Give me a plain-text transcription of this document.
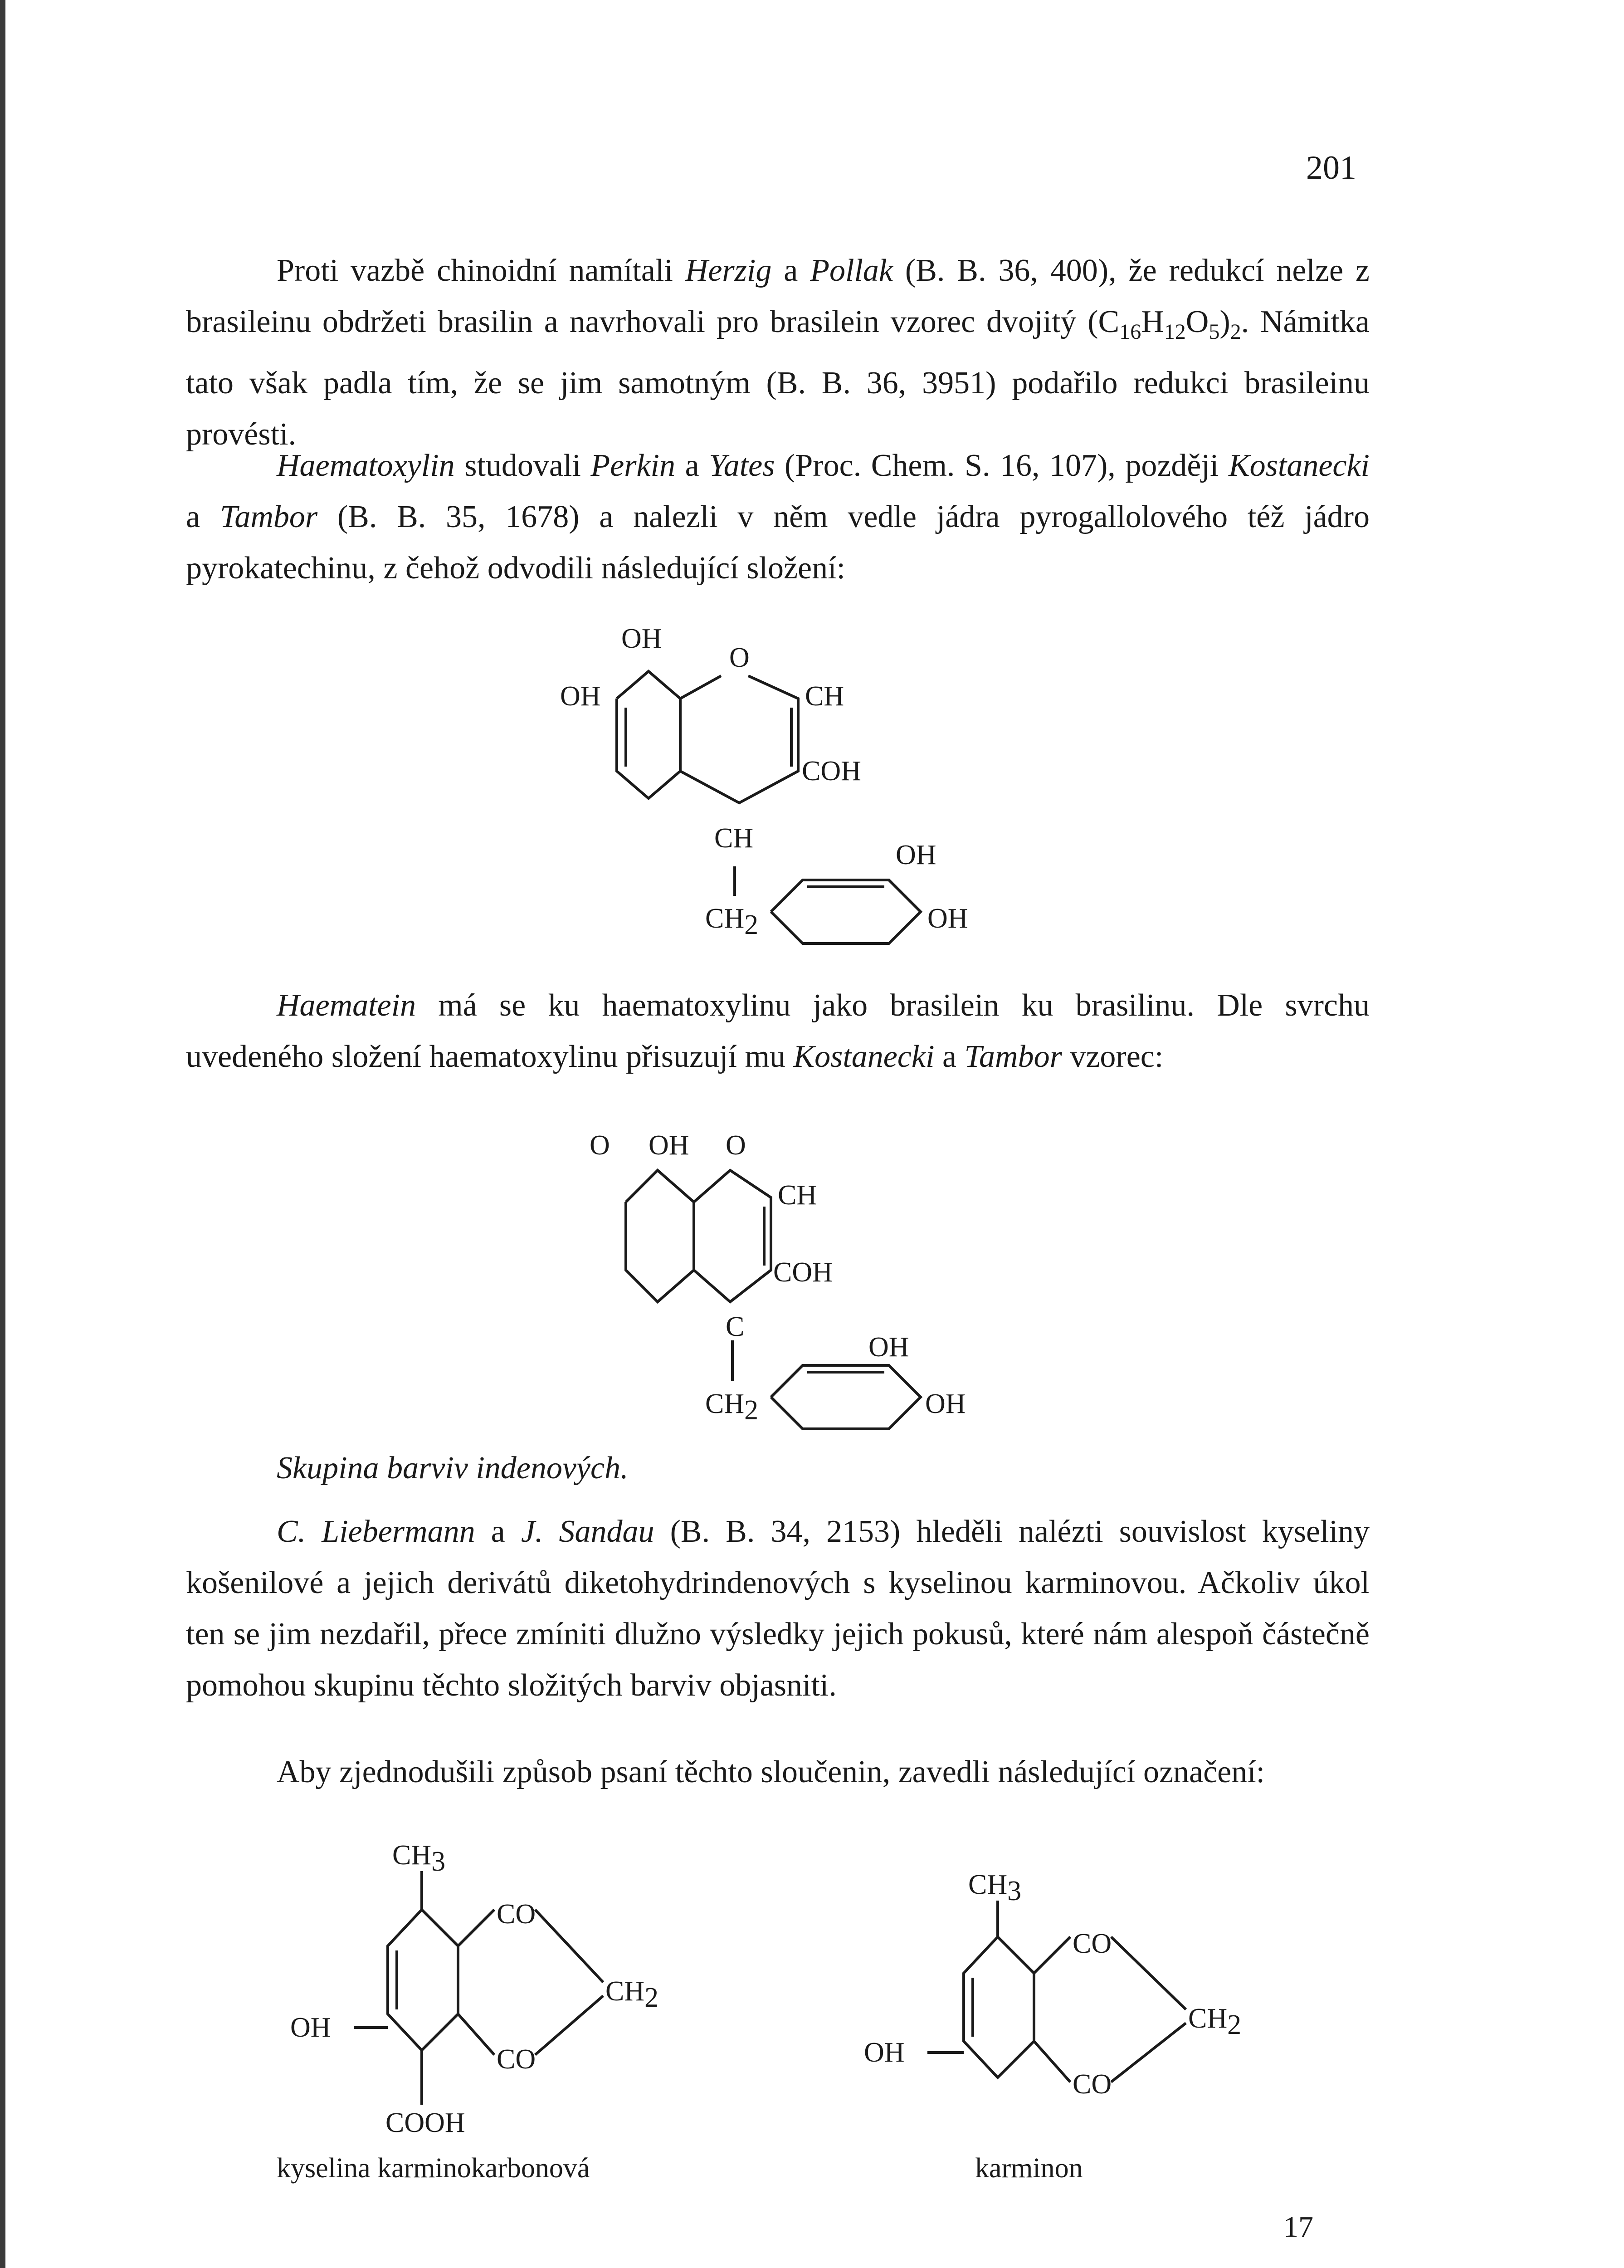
201

Proti vazbě chinoidní namítali Herzig a Pollak (B. B. 36, 400), že redukcí nelze z brasileinu obdržeti brasilin a navrhovali pro brasilein vzorec dvojitý $(C_{16}H_{12}O_5)_2$. Námitka tato však padla tím, že se jim samotným (B. B. 36, 3951) podařilo redukci brasileinu provésti.

Haematoxylin studovali Perkin a Yates (Proc. Chem. S. 16, 107), později Kostanecki a Tambor (B. B. 35, 1678) a nalezli v něm vedle jádra pyrogallolového též jádro pyrokatechinu, z čehož odvodili následující složení:

Haematein má se ku haematoxylinu jako brasilein ku brasilinu. Dle svrchu uvedeného složení haematoxylinu přisuzují mu Kostanecki a Tambor vzorec:

Skupina barviv indenových.

C. Liebermann a J. Sandau (B. B. 34, 2153) hleděli nalézti souvislost kyseliny košenilové a jejich derivátů diketohydrindenových s kyselinou karminovou. Ačkoliv úkol ten se jim nezdařil, přece zmíniti dlužno výsledky jejich pokusů, které nám alespoň částečně pomohou skupinu těchto složitých barviv objasniti.

Aby zjednodušili způsob psaní těchto sloučenin, zavedli následující označení:

OH
OH
O
CH
COH
CH
CH2
OH
OH
O OH O
CH
COH
C
CH2
OH
OH
CH3
CO
CH2
OH
CO
COOH
kyselina karminokarbonová
CH3
CO
CH2
OH
CO
karminon

17
